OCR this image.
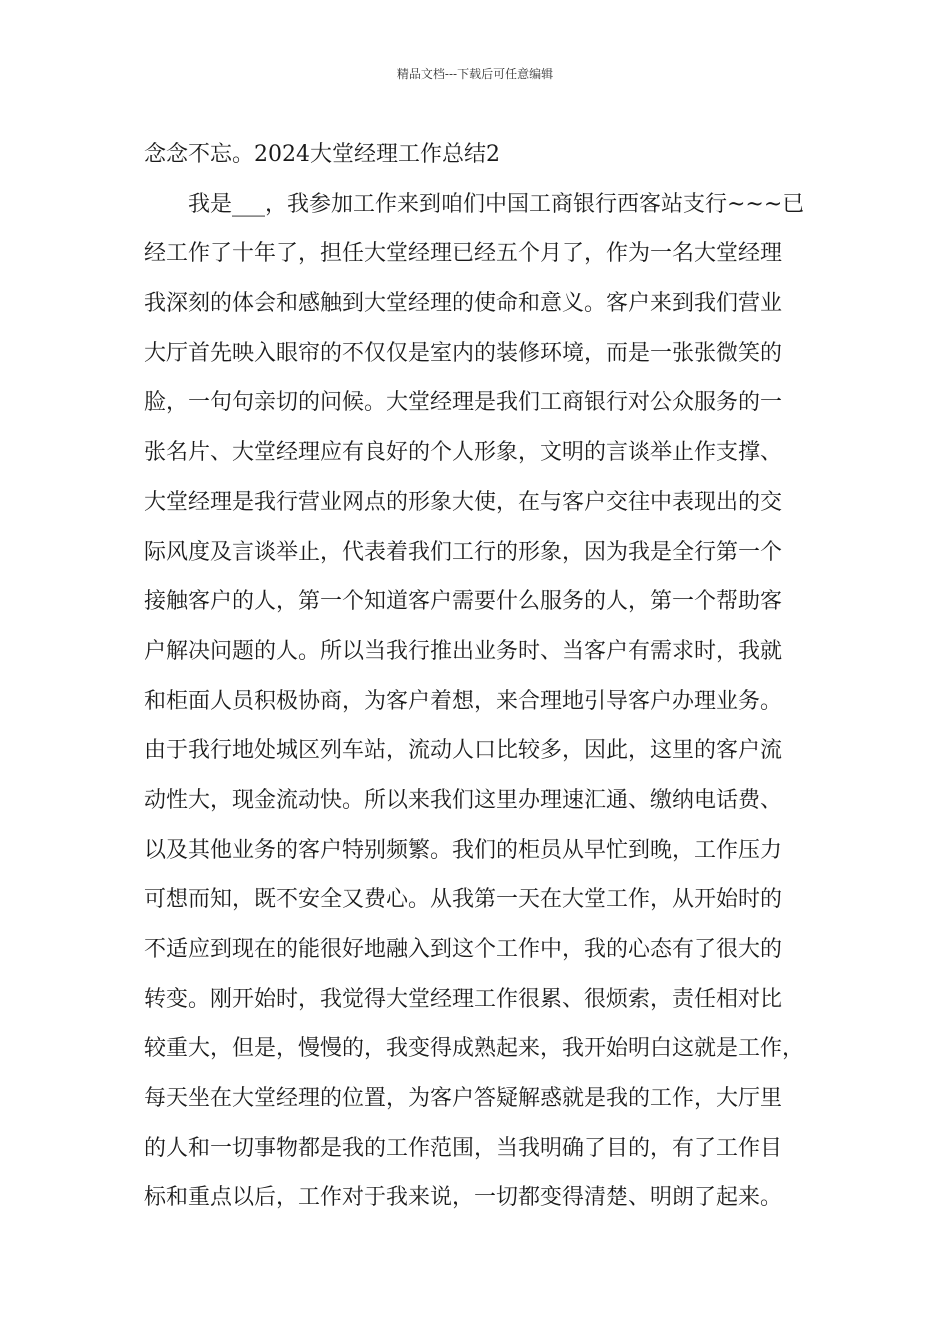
精品文档---下载后可任意编辑
念念不忘。2024大堂经理工作总结2
我是___，我参加工作来到咱们中国工商银行西客站支行~~~已
经工作了十年了，担任大堂经理已经五个月了，作为一名大堂经理
我深刻的体会和感触到大堂经理的使命和意义。客户来到我们营业
大厅首先映入眼帘的不仅仅是室内的装修环境，而是一张张微笑的
脸，一句句亲切的问候。大堂经理是我们工商银行对公众服务的一
张名片、大堂经理应有良好的个人形象，文明的言谈举止作支撑、
大堂经理是我行营业网点的形象大使，在与客户交往中表现出的交
际风度及言谈举止，代表着我们工行的形象，因为我是全行第一个
接触客户的人，第一个知道客户需要什么服务的人，第一个帮助客
户解决问题的人。所以当我行推出业务时、当客户有需求时，我就
和柜面人员积极协商，为客户着想，来合理地引导客户办理业务。
由于我行地处城区列车站，流动人口比较多，因此，这里的客户流
动性大，现金流动快。所以来我们这里办理速汇通、缴纳电话费、
以及其他业务的客户特别频繁。我们的柜员从早忙到晚，工作压力
可想而知，既不安全又费心。从我第一天在大堂工作，从开始时的
不适应到现在的能很好地融入到这个工作中，我的心态有了很大的
转变。刚开始时，我觉得大堂经理工作很累、很烦索，责任相对比
较重大，但是，慢慢的，我变得成熟起来，我开始明白这就是工作，
每天坐在大堂经理的位置，为客户答疑解惑就是我的工作，大厅里
的人和一切事物都是我的工作范围，当我明确了目的，有了工作目
标和重点以后，工作对于我来说，一切都变得清楚、明朗了起来。
